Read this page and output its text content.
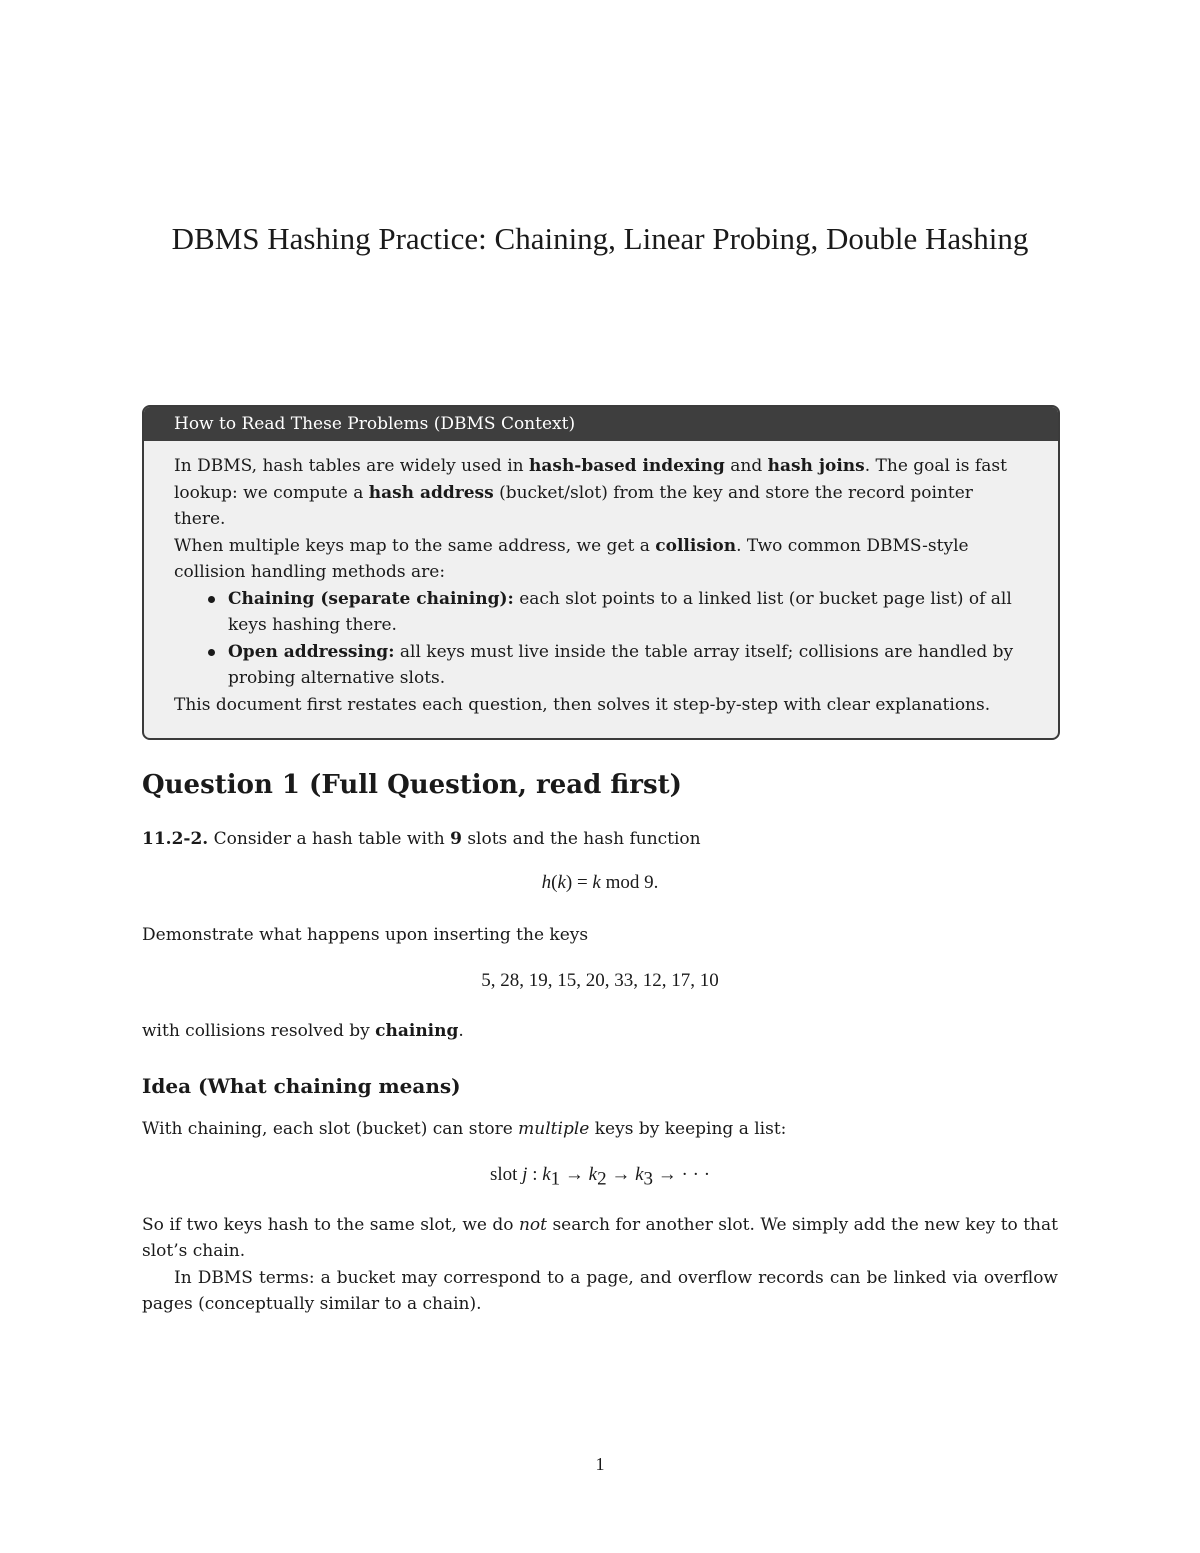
DBMS Hashing Practice: Chaining, Linear Probing, Double Hashing
How to Read These Problems (DBMS Context)

In DBMS, hash tables are widely used in hash-based indexing and hash joins. The goal is fast lookup: we compute a hash address (bucket/slot) from the key and store the record pointer there.

When multiple keys map to the same address, we get a collision. Two common DBMS-style collision handling methods are:

Chaining (separate chaining): each slot points to a linked list (or bucket page list) of all keys hashing there.
Open addressing: all keys must live inside the table array itself; collisions are handled by probing alternative slots.

This document first restates each question, then solves it step-by-step with clear explanations.

Question 1 (Full Question, read first)

11.2-2. Consider a hash table with 9 slots and the hash function

h(k) = k mod 9.

Demonstrate what happens upon inserting the keys

5, 28, 19, 15, 20, 33, 12, 17, 10

with collisions resolved by chaining.

Idea (What chaining means)

With chaining, each slot (bucket) can store multiple keys by keeping a list:

slot j : $k_1 \to k_2 \to k_3$ → · · ·

So if two keys hash to the same slot, we do not search for another slot. We simply add the new key to that slot’s chain.

In DBMS terms: a bucket may correspond to a page, and overflow records can be linked via overflow pages (conceptually similar to a chain).

1
